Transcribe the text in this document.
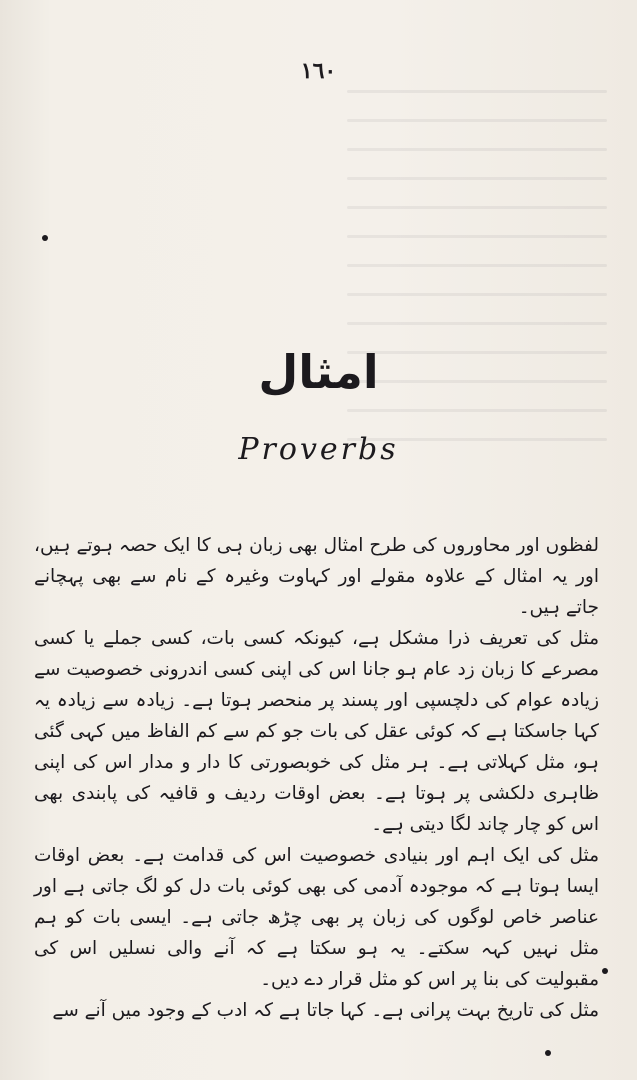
١٦٠
امثال
Proverbs

لفظوں اور محاوروں کی طرح امثال بھی زبان ہی کا ایک حصہ ہوتے ہیں، اور یہ امثال کے علاوہ مقولے اور کہاوت وغیرہ کے نام سے بھی پہچانے جاتے ہیں۔

مثل کی تعریف ذرا مشکل ہے، کیونکہ کسی بات، کسی جملے یا کسی مصرعے کا زبان زد عام ہو جانا اس کی اپنی کسی اندرونی خصوصیت سے زیادہ عوام کی دلچسپی اور پسند پر منحصر ہوتا ہے۔ زیادہ سے زیادہ یہ کہا جاسکتا ہے کہ کوئی عقل کی بات جو کم سے کم الفاظ میں کہی گئی ہو، مثل کہلاتی ہے۔ ہر مثل کی خوبصورتی کا دار و مدار اس کی اپنی ظاہری دلکشی پر ہوتا ہے۔ بعض اوقات ردیف و قافیہ کی پابندی بھی اس کو چار چاند لگا دیتی ہے۔

مثل کی ایک اہم اور بنیادی خصوصیت اس کی قدامت ہے۔ بعض اوقات ایسا ہوتا ہے کہ موجودہ آدمی کی بھی کوئی بات دل کو لگ جاتی ہے اور عناصر خاص لوگوں کی زبان پر بھی چڑھ جاتی ہے۔ ایسی بات کو ہم مثل نہیں کہہ سکتے۔ یہ ہو سکتا ہے کہ آنے والی نسلیں اس کی مقبولیت کی بنا پر اس کو مثل قرار دے دیں۔

مثل کی تاریخ بہت پرانی ہے۔ کہا جاتا ہے کہ ادب کے وجود میں آنے سے
